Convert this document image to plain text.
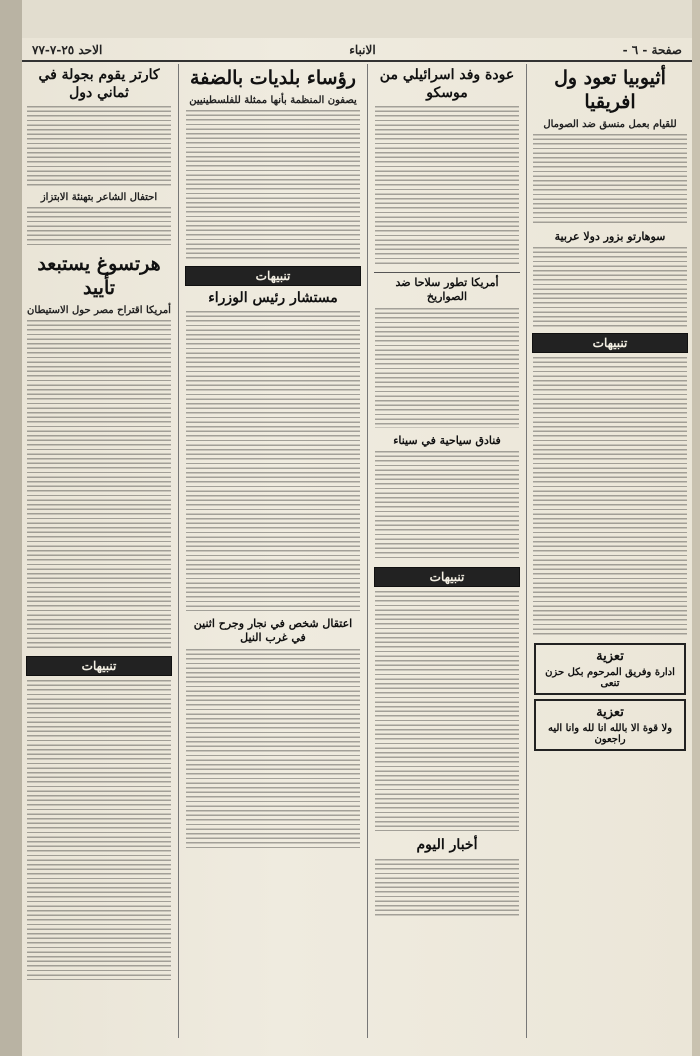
صفحة - ٦ -
الانباء
الاحد ٢٥-٧-٧٧
أثيوبيا تعود ول افريقيا
للقيام بعمل منسق ضد الصومال
سوهارتو بزور دولا عربية
تنبيهات
تعزية
ادارة وفريق المرحوم بكل حزن تنعى
تعزية
ولا قوة الا بالله انا لله وانا اليه راجعون
عودة وفد اسرائيلي من موسكو
أمريكا تطور سلاحا ضد الصواريخ
فنادق سياحية في سيناء
تنبيهات
أخبار اليوم
رؤساء بلديات بالضفة
يصفون المنظمة بأنها ممثلة للفلسطينيين
تنبيهات
مستشار رئيس الوزراء
اعتقال شخص في نجار وجرح اثنين في غرب النيل
كارتر يقوم بجولة في ثماني دول
احتفال الشاعر بتهنئة الابتزاز
هرتسوغ يستبعد تأييد
أمريكا اقتراح مصر حول الاستيطان
تنبيهات
